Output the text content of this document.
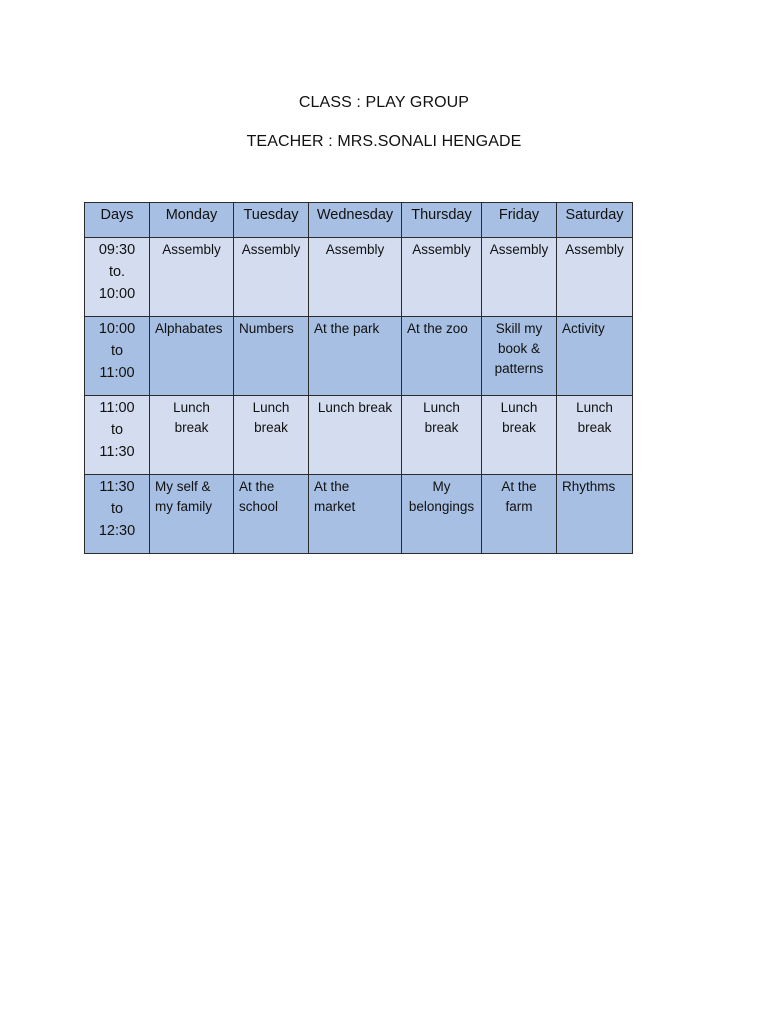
CLASS : PLAY GROUP
TEACHER : MRS.SONALI HENGADE
Days	Monday	Tuesday	Wednesday	Thursday	Friday	Saturday

09:30
to.
10:00	Assembly	Assembly	Assembly	Assembly	Assembly	Assembly

10:00
to
11:00	Alphabates	Numbers	At the park	At the zoo	Skill my
book &
patterns	Activity

11:00
to
11:30	Lunch
break	Lunch
break	Lunch break	Lunch
break	Lunch
break	Lunch
break

11:30
to
12:30	My self &
my family	At the
school	At the
market	My
belongings	At the
farm	Rhythms
